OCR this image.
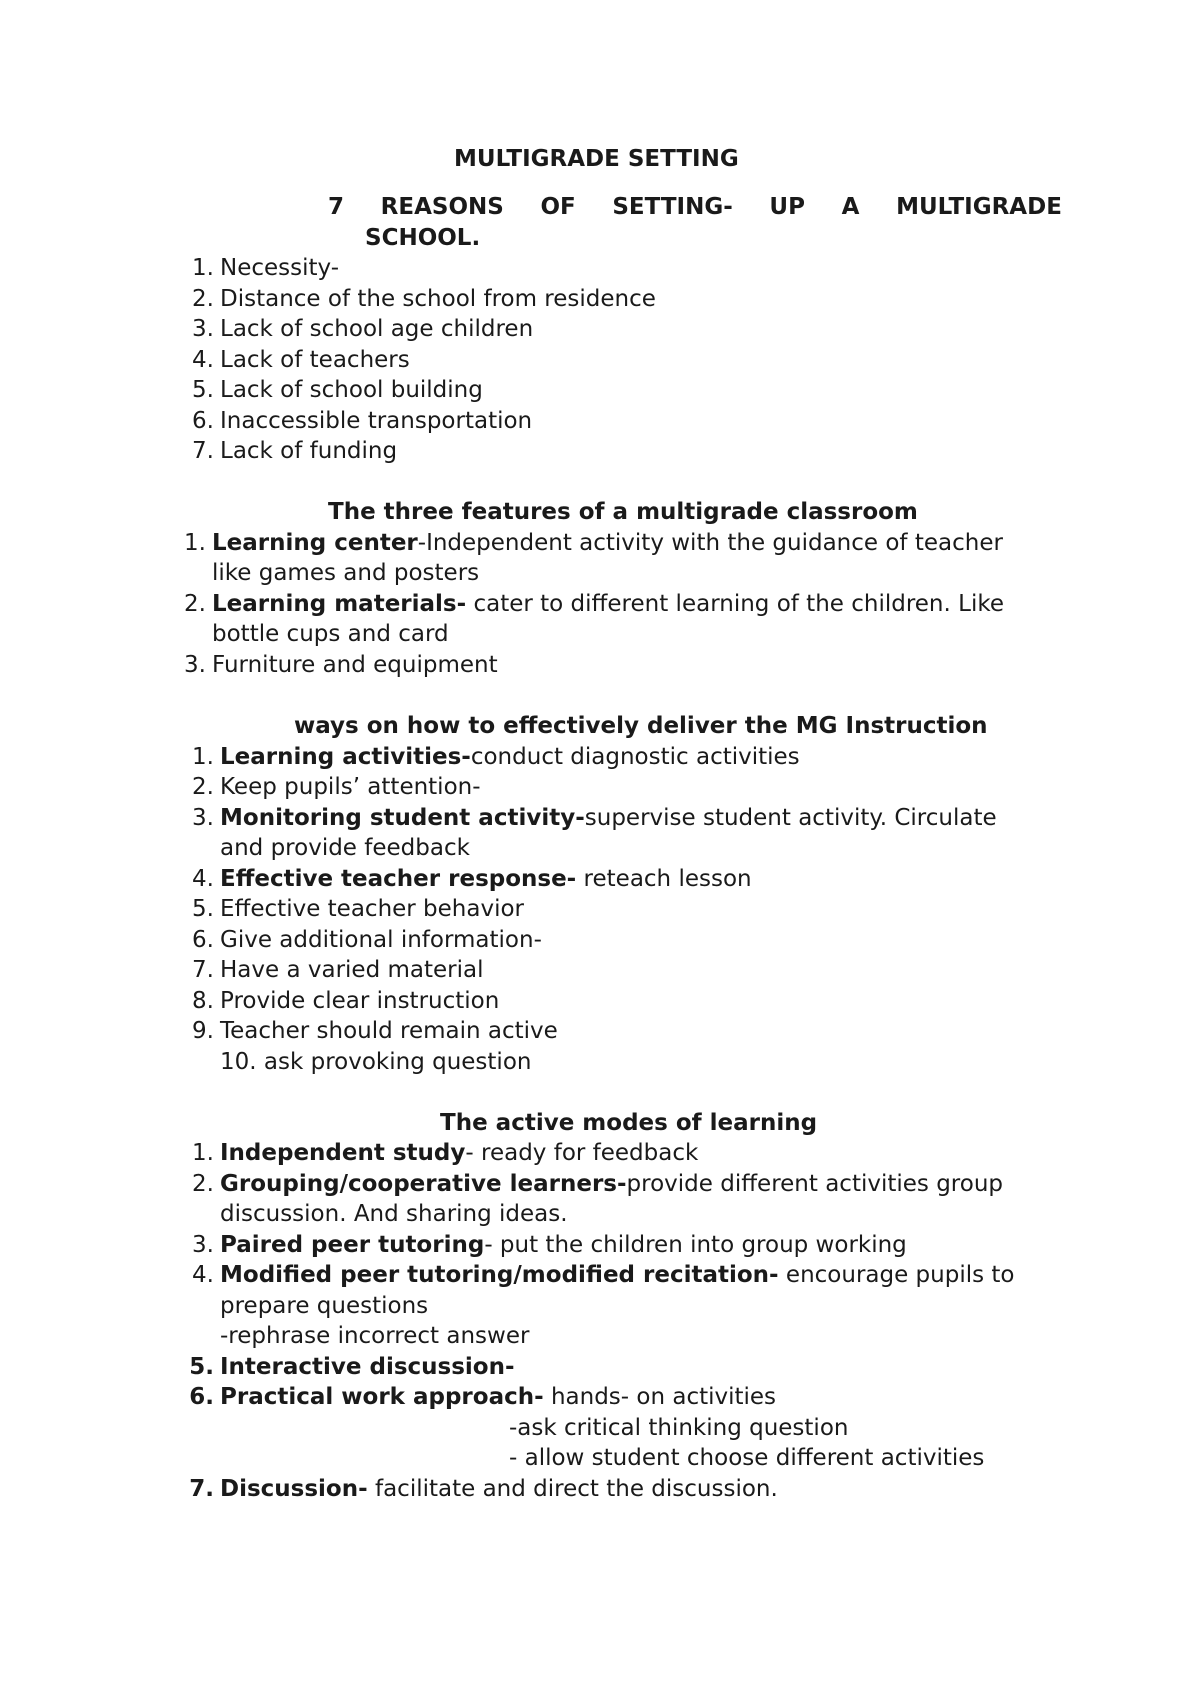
MULTIGRADE SETTING
7 REASONS OF SETTING- UP A MULTIGRADE
SCHOOL.
1. Necessity-
2. Distance of the school from residence
3. Lack of school age children
4. Lack of teachers
5. Lack of school building
6. Inaccessible transportation
7. Lack of funding
The three features of a multigrade classroom
1. Learning center-Independent activity with the guidance of teacher
like games and posters
2. Learning materials- cater to different learning of the children. Like
bottle cups and card
3. Furniture and equipment
ways on how to effectively deliver the MG Instruction
1. Learning activities-conduct diagnostic activities
2. Keep pupils’ attention-
3. Monitoring student activity-supervise student activity. Circulate
and provide feedback
4. Effective teacher response- reteach lesson
5. Effective teacher behavior
6. Give additional information-
7. Have a varied material
8. Provide clear instruction
9. Teacher should remain active
10. ask provoking question
The active modes of learning
1. Independent study- ready for feedback
2. Grouping/cooperative learners-provide different activities group
discussion. And sharing ideas.
3. Paired peer tutoring- put the children into group working
4. Modified peer tutoring/modified recitation- encourage pupils to
prepare questions
-rephrase incorrect answer
5. Interactive discussion-
6. Practical work approach- hands- on activities
-ask critical thinking question
- allow student choose different activities
7. Discussion- facilitate and direct the discussion.
